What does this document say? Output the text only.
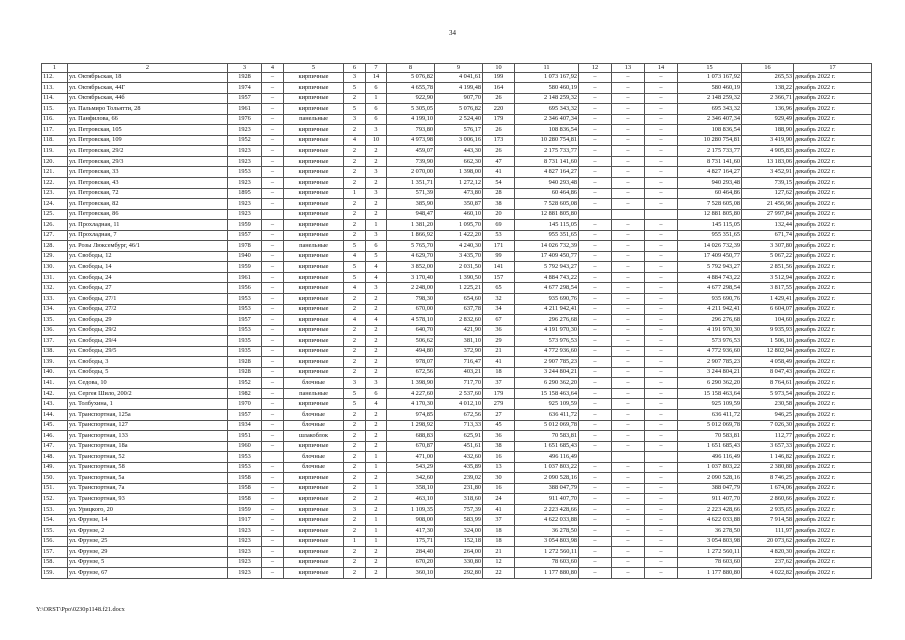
34
1	2	3	4	5	6	7	8	9	10	11	12	13	14	15	16	17
112.	ул. Октябрьская, 18	1928	–	кирпичные	3	14	5 076,82	4 041,61	199	1 073 167,92	–	–	–	1 073 167,92	265,53	декабрь 2022 г.
113.	ул. Октябрьская, 44Г	1974	–	кирпичные	5	6	4 655,78	4 199,48	164	580 460,19	–	–	–	580 460,19	138,22	декабрь 2022 г.
114.	ул. Октябрьская, 44б	1957	–	кирпичные	2	1	922,90	907,70	26	2 148 259,32	–	–	–	2 148 259,32	2 366,71	декабрь 2022 г.
115.	ул. Пальмиро Тольятти, 28	1961	–	кирпичные	5	6	5 305,05	5 076,82	220	695 343,32	–	–	–	695 343,32	136,96	декабрь 2022 г.
116.	ул. Панфилова, 66	1976	–	панельные	3	6	4 199,10	2 524,40	179	2 346 407,34	–	–	–	2 346 407,34	929,49	декабрь 2022 г.
117.	ул. Петровская, 105	1923	–	кирпичные	2	3	793,80	576,17	26	108 836,54	–	–	–	108 836,54	188,90	декабрь 2022 г.
118.	ул. Петровская, 109	1952	–	кирпичные	4	10	4 973,98	3 006,16	173	10 280 754,81	–	–	–	10 280 754,81	3 419,90	декабрь 2022 г.
119.	ул. Петровская, 29/2	1923	–	кирпичные	2	2	459,07	443,30	26	2 175 733,77	–	–	–	2 175 733,77	4 905,83	декабрь 2022 г.
120.	ул. Петровская, 29/3	1923	–	кирпичные	2	2	739,90	662,30	47	8 731 141,60	–	–	–	8 731 141,60	13 183,06	декабрь 2022 г.
121.	ул. Петровская, 33	1953	–	кирпичные	2	3	2 070,00	1 398,00	41	4 827 164,27	–	–	–	4 827 164,27	3 452,91	декабрь 2022 г.
122.	ул. Петровская, 43	1923	–	кирпичные	2	2	1 351,71	1 272,12	54	940 293,48	–	–	–	940 293,48	739,15	декабрь 2022 г.
123.	ул. Петровская, 72	1895	–	кирпичные	1	3	571,39	473,80	28	60 464,86	–	–	–	60 464,86	127,62	декабрь 2022 г.
124.	ул. Петровская, 82	1923	–	кирпичные	2	2	385,90	350,87	38	7 528 605,08	–	–	–	7 528 605,08	21 456,96	декабрь 2022 г.
125.	ул. Петровская, 86	1923		кирпичные	2	2	948,47	460,10	20	12 881 805,80				12 881 805,80	27 997,84	декабрь 2022 г.
126.	ул. Прохладная, 11	1959	–	кирпичные	2	1	1 381,20	1 095,70	69	145 115,05	–	–	–	145 115,05	132,44	декабрь 2022 г.
127.	ул. Прохладная, 7	1957	–	кирпичные	2	3	1 866,92	1 422,20	53	955 351,65	–	–	–	955 351,65	671,74	декабрь 2022 г.
128.	ул. Розы Люксембург, 46/1	1978	–	панельные	5	6	5 765,70	4 240,30	171	14 026 732,39	–	–	–	14 026 732,39	3 307,80	декабрь 2022 г.
129.	ул. Свободы, 12	1940	–	кирпичные	4	5	4 629,70	3 435,70	99	17 409 450,77	–	–	–	17 409 450,77	5 067,22	декабрь 2022 г.
130.	ул. Свободы, 14	1959	–	кирпичные	5	4	3 852,00	2 031,50	141	5 792 943,27	–	–	–	5 792 943,27	2 851,56	декабрь 2022 г.
131.	ул. Свободы, 24	1961	–	кирпичные	5	4	3 170,40	1 390,50	157	4 884 743,22	–	–	–	4 884 743,22	3 512,94	декабрь 2022 г.
132.	ул. Свободы, 27	1956	–	кирпичные	4	3	2 248,00	1 225,21	65	4 677 298,54	–	–	–	4 677 298,54	3 817,55	декабрь 2022 г.
133.	ул. Свободы, 27/1	1953	–	кирпичные	2	2	798,30	654,60	32	935 690,76	–	–	–	935 690,76	1 429,41	декабрь 2022 г.
134.	ул. Свободы, 27/2	1953	–	кирпичные	2	2	670,00	637,78	34	4 211 942,41	–	–	–	4 211 942,41	6 604,07	декабрь 2022 г.
135.	ул. Свободы, 29	1957	–	кирпичные	4	4	4 578,10	2 832,60	67	296 276,68	–	–	–	296 276,68	104,60	декабрь 2022 г.
136.	ул. Свободы, 29/2	1953	–	кирпичные	2	2	640,70	421,90	36	4 191 970,30	–	–	–	4 191 970,30	9 935,93	декабрь 2022 г.
137.	ул. Свободы, 29/4	1935	–	кирпичные	2	2	506,62	381,10	29	573 976,53	–	–	–	573 976,53	1 506,10	декабрь 2022 г.
138.	ул. Свободы, 29/5	1935	–	кирпичные	2	2	494,80	372,90	21	4 772 936,60	–	–	–	4 772 936,60	12 802,94	декабрь 2022 г.
139.	ул. Свободы, 3	1928	–	кирпичные	2	2	978,07	716,47	41	2 907 785,23	–	–	–	2 907 785,23	4 058,49	декабрь 2022 г.
140.	ул. Свободы, 5	1928	–	кирпичные	2	2	672,56	403,21	18	3 244 804,21	–	–	–	3 244 804,21	8 047,43	декабрь 2022 г.
141.	ул. Седова, 10	1952	–	блочные	3	3	1 398,90	717,70	37	6 290 362,20	–	–	–	6 290 362,20	8 764,61	декабрь 2022 г.
142.	ул. Сергея Шило, 200/2	1982	–	панельные	5	6	4 227,60	2 537,60	179	15 158 463,64	–	–	–	15 158 463,64	5 973,54	декабрь 2022 г.
143.	ул. Толбухина, 1	1970	–	кирпичные	5	4	4 170,30	4 012,10	279	925 109,59	–	–	–	925 109,59	230,58	декабрь 2022 г.
144.	ул. Транспортная, 125а	1957	–	блочные	2	2	974,85	672,56	27	636 411,72	–	–	–	636 411,72	946,25	декабрь 2022 г.
145.	ул. Транспортная, 127	1934	–	блочные	2	2	1 298,92	713,33	45	5 012 069,78	–	–	–	5 012 069,78	7 026,30	декабрь 2022 г.
146.	ул. Транспортная, 133	1951	–	шлакоблок	2	2	688,83	625,91	36	70 583,81	–	–	–	70 583,81	112,77	декабрь 2022 г.
147.	ул. Транспортная, 18а	1960	–	кирпичные	2	2	670,87	451,61	38	1 651 685,43	–	–	–	1 651 685,43	3 657,33	декабрь 2022 г.
148.	ул. Транспортная, 52	1953		блочные	2	1	471,00	432,60	16	496 116,49				496 116,49	1 146,82	декабрь 2022 г.
149.	ул. Транспортная, 58	1953	–	блочные	2	1	543,29	435,89	13	1 037 803,22	–	–	–	1 037 803,22	2 380,88	декабрь 2022 г.
150.	ул. Транспортная, 5а	1958	–	кирпичные	2	2	342,60	239,02	30	2 090 528,16	–	–	–	2 090 528,16	8 746,25	декабрь 2022 г.
151.	ул. Транспортная, 7а	1958	–	кирпичные	2	1	358,10	231,80	16	388 047,79	–	–	–	388 047,79	1 674,06	декабрь 2022 г.
152.	ул. Транспортная, 93	1958	–	кирпичные	2	2	463,10	318,60	24	911 407,70	–	–	–	911 407,70	2 860,66	декабрь 2022 г.
153.	ул. Урицкого, 20	1959	–	кирпичные	3	2	1 109,35	757,39	41	2 223 428,66	–	–	–	2 223 428,66	2 935,65	декабрь 2022 г.
154.	ул. Фрунзе, 14	1917	–	кирпичные	2	1	908,00	583,99	37	4 622 033,88	–	–	–	4 622 033,88	7 914,58	декабрь 2022 г.
155.	ул. Фрунзе, 2	1923	–	кирпичные	2	1	417,30	324,00	18	36 278,50	–	–	–	36 278,50	111,97	декабрь 2022 г.
156.	ул. Фрунзе, 25	1923	–	кирпичные	1	1	175,71	152,18	18	3 054 803,98	–	–	–	3 054 803,98	20 073,62	декабрь 2022 г.
157.	ул. Фрунзе, 29	1923	–	кирпичные	2	2	284,40	264,00	21	1 272 560,11	–	–	–	1 272 560,11	4 820,30	декабрь 2022 г.
158.	ул. Фрунзе, 5	1923	–	кирпичные	2	2	670,20	330,80	12	78 603,60	–	–	–	78 603,60	237,62	декабрь 2022 г.
159.	ул. Фрунзе, 67	1923	–	кирпичные	2	2	360,10	292,80	22	1 177 880,80	–	–	–	1 177 880,80	4 022,82	декабрь 2022 г.
Y:\ORST\Ppo\0230p1148.f21.docx
